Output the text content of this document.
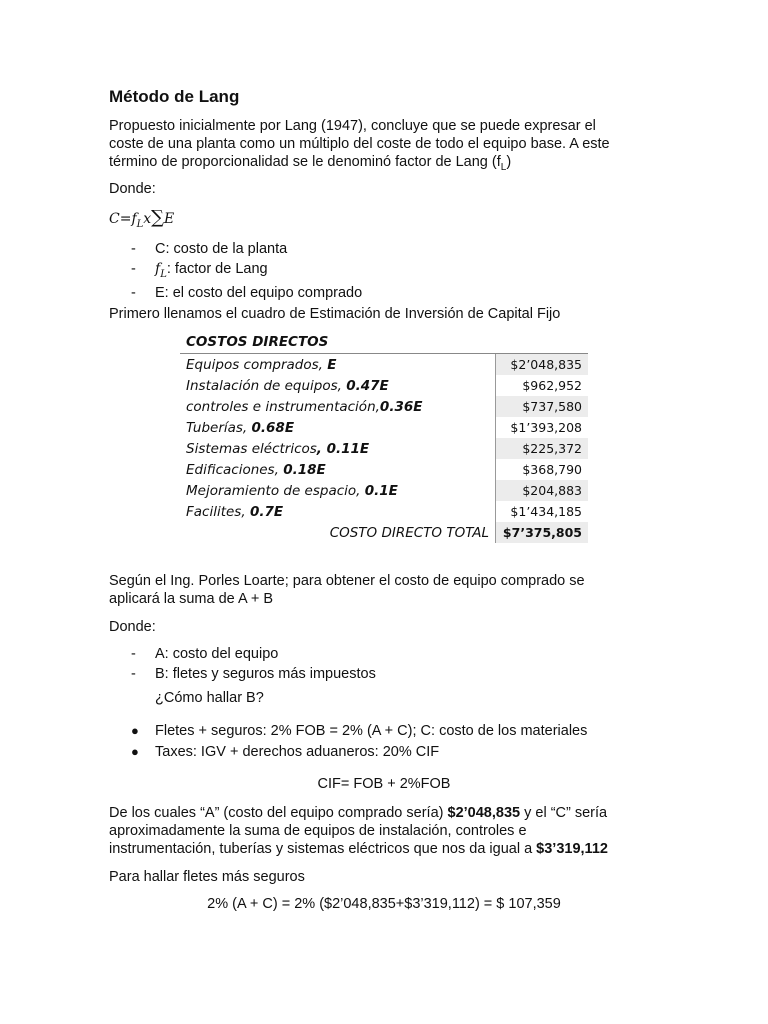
Método de Lang
Propuesto inicialmente por Lang (1947), concluye que se puede expresar el
coste de una planta como un múltiplo del coste de todo el equipo base. A este
término de proporcionalidad se le denominó factor de Lang $(f_L)$
Donde:
$C=f_Lx\sum E$
- C: costo de la planta
- $f_L$: factor de Lang
- E: el costo del equipo comprado
Primero llenamos el cuadro de Estimación de Inversión de Capital Fijo
COSTOS DIRECTOS	
Equipos comprados, E	$2’048,835
Instalación de equipos, 0.47E	$962,952
controles e instrumentación,0.36E	$737,580
Tuberías, 0.68E	$1’393,208
Sistemas eléctricos, 0.11E	$225,372
Edificaciones, 0.18E	$368,790
Mejoramiento de espacio, 0.1E	$204,883
Facilites, 0.7E	$1’434,185
COSTO DIRECTO TOTAL	$7’375,805
Según el Ing. Porles Loarte; para obtener el costo de equipo comprado se
aplicará la suma de A + B
Donde:
- A: costo del equipo
- B: fletes y seguros más impuestos
¿Cómo hallar B?
● Fletes + seguros: 2% FOB = 2% (A + C); C: costo de los materiales
● Taxes: IGV + derechos aduaneros: 20% CIF
CIF= FOB + 2%FOB
De los cuales “A” (costo del equipo comprado sería) $2’048,835 y el “C” sería
aproximadamente la suma de equipos de instalación, controles e
instrumentación, tuberías y sistemas eléctricos que nos da igual a $3’319,112
Para hallar fletes más seguros
2% (A + C) = 2% ($2’048,835+$3’319,112) = $ 107,359
